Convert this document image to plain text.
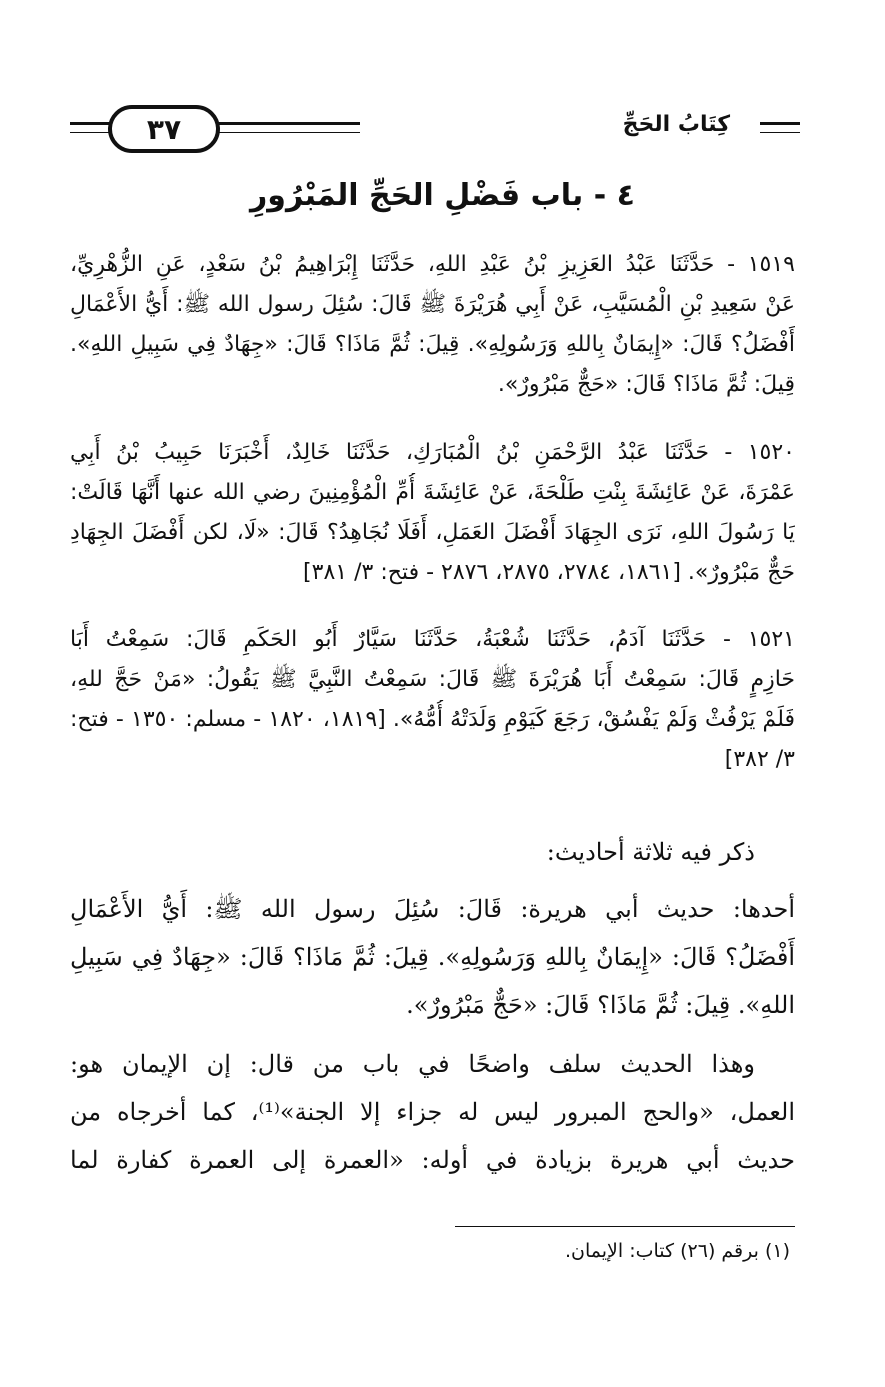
كِتَابُ الحَجِّ
٣٧
٤ - باب فَضْلِ الحَجِّ المَبْرُورِ
١٥١٩ - حَدَّثَنَا عَبْدُ العَزِيزِ بْنُ عَبْدِ اللهِ، حَدَّثَنَا إِبْرَاهِيمُ بْنُ سَعْدٍ، عَنِ الزُّهْرِيِّ،
عَنْ سَعِيدِ بْنِ الْمُسَيَّبِ، عَنْ أَبِي هُرَيْرَةَ ﷺ قَالَ: سُئِلَ رسول الله ﷺ: أَيُّ الأَعْمَالِ
أَفْضَلُ؟ قَالَ: «إِيمَانٌ بِاللهِ وَرَسُولِهِ». قِيلَ: ثُمَّ مَاذَا؟ قَالَ: «جِهَادٌ فِي سَبِيلِ اللهِ».
قِيلَ: ثُمَّ مَاذَا؟ قَالَ: «حَجٌّ مَبْرُورٌ».
١٥٢٠ - حَدَّثَنَا عَبْدُ الرَّحْمَنِ بْنُ الْمُبَارَكِ، حَدَّثَنَا خَالِدٌ، أَخْبَرَنَا حَبِيبُ بْنُ أَبِي
عَمْرَةَ، عَنْ عَائِشَةَ بِنْتِ طَلْحَةَ، عَنْ عَائِشَةَ أُمِّ الْمُؤْمِنِينَ رضي الله عنها أَنَّهَا قَالَتْ:
يَا رَسُولَ اللهِ، نَرَى الجِهَادَ أَفْضَلَ العَمَلِ، أَفَلَا نُجَاهِدُ؟ قَالَ: «لَا، لكن أَفْضَلَ الجِهَادِ
حَجٌّ مَبْرُورٌ». [١٨٦١، ٢٧٨٤، ٢٨٧٥، ٢٨٧٦ - فتح: ٣/ ٣٨١]
١٥٢١ - حَدَّثَنَا آدَمُ، حَدَّثَنَا شُعْبَةُ، حَدَّثَنَا سَيَّارٌ أَبُو الحَكَمِ قَالَ: سَمِعْتُ أَبَا
حَازِمٍ قَالَ: سَمِعْتُ أَبَا هُرَيْرَةَ ﷺ قَالَ: سَمِعْتُ النَّبِيَّ ﷺ يَقُولُ: «مَنْ حَجَّ للهِ،
فَلَمْ يَرْفُثْ وَلَمْ يَفْسُقْ، رَجَعَ كَيَوْمِ وَلَدَتْهُ أُمُّهُ». [١٨١٩، ١٨٢٠ - مسلم: ١٣٥٠ - فتح:
٣/ ٣٨٢]
ذكر فيه ثلاثة أحاديث:
أحدها: حديث أبي هريرة: قَالَ: سُئِلَ رسول الله ﷺ: أَيُّ الأَعْمَالِ
أَفْضَلُ؟ قَالَ: «إِيمَانٌ بِاللهِ وَرَسُولِهِ». قِيلَ: ثُمَّ مَاذَا؟ قَالَ: «جِهَادٌ فِي سَبِيلِ
اللهِ». قِيلَ: ثُمَّ مَاذَا؟ قَالَ: «حَجٌّ مَبْرُورٌ».
وهذا الحديث سلف واضحًا في باب من قال: إن الإيمان هو:
العمل، «والحج المبرور ليس له جزاء إلا الجنة»⁽¹⁾، كما أخرجاه من
حديث أبي هريرة بزيادة في أوله: «العمرة إلى العمرة كفارة لما
(١) برقم (٢٦) كتاب: الإيمان.
